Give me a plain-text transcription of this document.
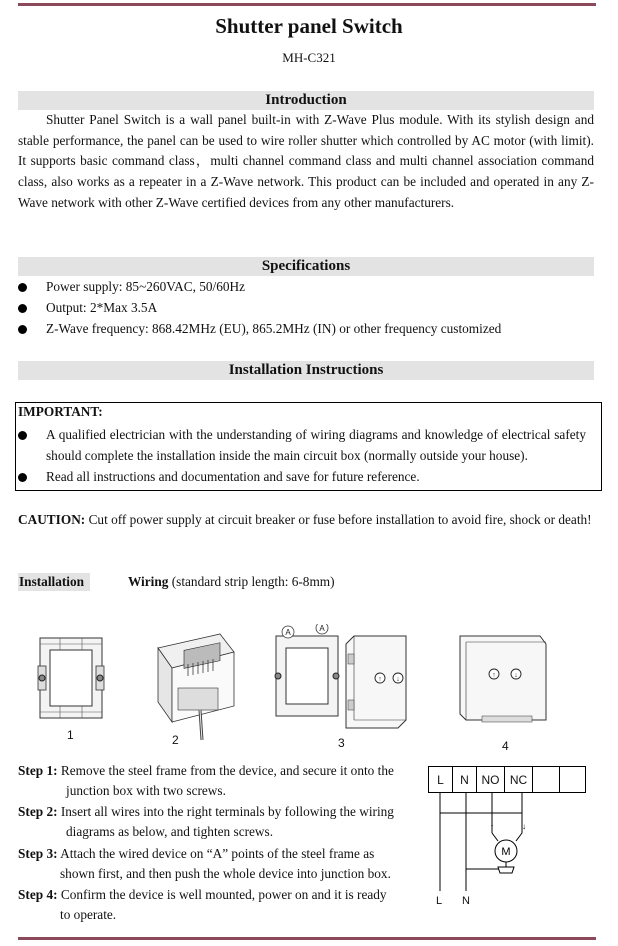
Shutter panel Switch
MH-C321
Introduction
Shutter Panel Switch is a wall panel built-in with Z-Wave Plus module. With its stylish design and stable performance, the panel can be used to wire roller shutter which controlled by AC motor (with limit). It supports basic command class，multi channel command class and multi channel association command class, also works as a repeater in a Z-Wave network. This product can be included and operated in any Z-Wave network with other Z-Wave certified devices from any other manufacturers.
Specifications
Power supply: 85~260VAC, 50/60Hz
Output: 2*Max 3.5A
Z-Wave frequency: 868.42MHz (EU), 865.2MHz (IN) or other frequency customized
Installation Instructions
IMPORTANT:
A qualified electrician with the understanding of wiring diagrams and knowledge of electrical safety should complete the installation inside the main circuit box (normally outside your house).
Read all instructions and documentation and save for future reference.
CAUTION: Cut off power supply at circuit breaker or fuse before installation to avoid fire, shock or death!
Installation	Wiring (standard strip length: 6-8mm)
1	2
A	A
↑ ↓
3
↑	↓
4
Step 1: Remove the steel frame from the device, and secure it onto the
junction box with two screws.
Step 2: Insert all wires into the right terminals by following the wiring
diagrams as below, and tighten screws.
Step 3: Attach the wired device on “A” points of the steel frame as
shown first, and then push the whole device into junction box.
Step 4: Confirm the device is well mounted, power on and it is ready
to operate.
L	N	NO NC
↑	↓
M
L N
